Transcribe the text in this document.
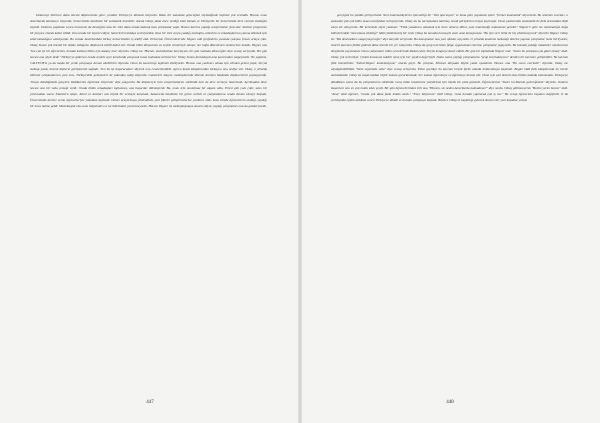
Doktorayı bitirince daha önceki düşüncemize göre, yeniden Türkiye'ye dönmek istiyordu. Yakın bir zamanda geleceğimi söylediğinde hepimiz çok sevindik. Hocası onun Amerika'da kalmasını istiyordu; üniversitede kendisine bir asistanlık önerdiler. Ancak Oktay, daha önce verdiği sözü tutmak ve Türkiye'de bir üniversitede ders vermek istediğini söyledi. Doktora yaptıktan sonra hocasının da desteğiyle kısa bir süre daha orada kalarak bazı çalışmalar yaptı. Bunun üzerine yaptığı araştırmalar 'post-doc' denilen programın bir parçası olarak kabul edildi. Onu arada bir ziyaret ediyor, haberlerini aldıkça seviniyorduk. Kısa bir süre sonra yazdığı mektupta, ailesinin ve arkadaşlarının yanına dönmek için sabırsızlandığını anlatıyordu. Bu sırada Amerika'daki birkaç üniversiteden iş teklifi aldı. Princeton Üniversitesi'nde Wigner adlı profesörün yanında çalışma fırsatı ortaya çıktı. Oktay bunun çok önemli bir imkân olduğunu düşünerek teklifi kabul etti. Orada bilim dünyasının en seçkin isimleriyle tanıştı; her hafta düzenlenen seminerlere katıldı. Wigner ona 'Sen çok iyi bir öğrencisin, burada kalman bizim için kazanç olur' diyordu. Oktay ise 'Hocam, memleketime borçluyum, bir gün mutlaka döneceğim' diye cevap veriyordu. Bir gün hocası ona şöyle dedi: 'Türkiye'ye gidersen orada seninle aynı konularda çalışacak insan bulmakta zorlanırsın.' Oktay bunun farkındaydı ama kararından vazgeçmedi. 'Ne yapalım, CALTECH'te ya da başka bir yerde çalışmaya devam edebilirim' diyordu. Onun bu kararlılığı hepimizi etkiliyordu. Hocası ona yardımcı olmak için elinden geleni yaptı; birçok mektup yazdı, önemli kişilerle görüşmesini sağladı. 'Sen bu işi başaracaksın' diyerek onu cesaretlendirdi. Ayrıca kendi kitaplarından birkaçını ona hediye etti. Oktay o yıllarda bilimsel çalışmalarının yanı sıra, Türkiye'deki gelişmeleri de yakından takip ediyordu. Gazeteleri okuyor, mektuplarında ülkenin durumu hakkında düşüncelerini paylaşıyordu. 'Oraya döndüğümde gençlere bildiklerimi öğretmek istiyorum' diye yazıyordu. Bu düşünceyle hem araştırmalarını sürdürdü hem de ders vermeye hazırlandı. Ayrılmadan önce hocası ona bir veda yemeği verdi. Orada bütün arkadaşları toplanmış, ona başarılar dilemişlerdi. Bu, onun için unutulmaz bir akşam oldu. Ertesi gün yola çıktı; uzun bir yolculuktan sonra İstanbul'a ulaştı. Ailesi ve dostları onu büyük bir sevinçle karşıladı. Ankara'da kendisine bir görev verildi ve çalışmalarına orada devam etmeye başladı. Üniversitede dersler verdi, öğrencileriyle yakından ilgilendi. Onları araştırmaya yönlendirdi, yeni fikirler geliştirmelerine yardımcı oldu. Kısa sürede öğrencilerin sevdiği, saydığı bir hoca haline geldi. Meslektaşları da onun bilgisinden ve tecrübesinden yararlanıyordu. Hocası Wigner ile mektuplaşmaya devam ediyor, yaptığı çalışmaları ona da gönderiyordu.
447
gerçeğini bu şekilde görüyorlardı. Yeni matematikçilerin işlevselliği bir "ilmi operasyon" ve buna göre yapılacak işlere "formel matematik" diyorlardı. Bu sistemin sınırları, o zamanlar pek çok bilim insanı tarafından tartışılıyordu. Oktay da bu tartışmalara katılmış, kendi görüşlerini ortaya koymuştu. Onun yazılarında matematik ile fizik arasındaki ilişki sıkça ele alınıyordu. Bir keresinde şöyle yazmıştı: "Fizik yasalarını anlamak için önce onların dilini, yani matematiği anlamamız gerekir." Wigner'e göre ise matematiğin doğa bilimlerindeki "akıl almaz etkinliği" hâlâ çözülememiş bir sırdı. Oktay bu konuda hocasıyla uzun uzun konuşmuştu. "Bu işin sırrı belki de hiç çözülemeyecek" diyordu Wigner. Oktay ise "Biz denemekten vazgeçmeyeceğiz" diye karşılık veriyordu. Bu konuşmalar ona yeni ufuklar açıyordu. O yıllarda kuantum mekaniği üzerine yapılan çalışmalar hızla ilerliyordu; simetri kavramı fizikte giderek daha önemli bir yer tutuyordu. Oktay da grup teorisinin fiziğe uygulanması üzerine çalışmalar yapıyordu. Bu konuda yazdığı makaleler uluslararası dergilerde yayımlandı. Onun çalışmaları bilim çevrelerinde dikkat çekti; birçok kongreye davet edildi. Bir gün bir toplantıda Wigner ona: "Senin bu çalışman çok güzel olmuş" dedi. Oktay çok sevinmişti. Çünkü hocasının takdiri onun için her şeyden değerliydi. Daha sonra yaptığı çalışmalarla "grup kontraksiyonu" denilen bir kavramı geliştirdiler. Bu kavram fizik literatürüne "İnönü-Wigner kontraksiyonu" olarak geçti. Bu çalışma, bilimsel dünyada büyük yankı uyandırdı. Hocası ona "Bu senin eserindir" diyordu. Oktay ise alçakgönüllülükle "Sizin sayenizde oldu" diye cevap veriyordu. Yıllar geçtikçe bu kavram birçok farklı alanda kullanılmaya başlandı. Bugün hâlâ fizik kitaplarında bu isimle anılmaktadır. Oktay bu başarısından hiçbir zaman gururlanmadı; her zaman öğrenmeye ve öğretmeye devam etti. Onun için asıl önemli olan bilime katkıda bulunmaktı. Türkiye'ye döndükten sonra da bu çalışmalarını sürdürdü. Genç bilim insanlarını yetiştirmek için büyük bir çaba gösterdi. Öğrencilerine "Sizler bu ülkenin geleceğisiniz" diyordu. Onların başarıları onu en çok mutlu eden şeydi. Bir gün öğrencilerinden biri ona "Hocam, siz neden Amerika'da kalmadınız?" diye sordu. Oktay gülümseyerek "Benim yerim burası" dedi. "Ama" dedi öğrenci, "orada çok daha fazla imkân vardı." "Evet, biliyorum" dedi Oktay, "ama burada yapılacak çok iş var." Bu cevap öğrencinin hayatını değiştirdi. O da yurtdışında eğitim aldıktan sonra Türkiye'ye döndü ve burada çalışmaya başladı. Böylece Oktay'ın başlattığı gelenek devam etti; yeni kuşaklar yetişti.
448
